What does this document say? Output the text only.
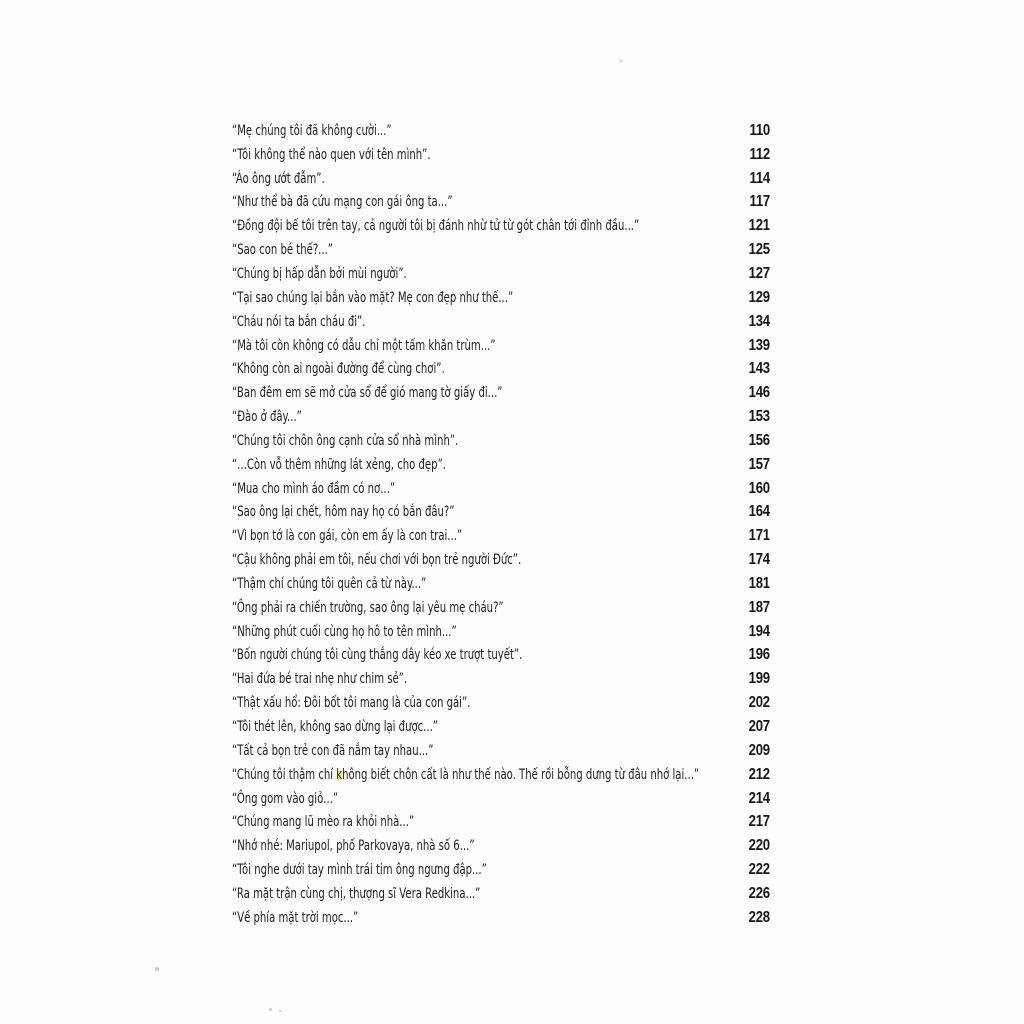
“Mẹ chúng tôi đã không cười...”	110
“Tôi không thể nào quen với tên mình”.	112
“Áo ông ướt đẫm”.	114
“Như thể bà đã cứu mạng con gái ông ta...”	117
“Đồng đội bế tôi trên tay, cả người tôi bị đánh nhừ tử từ gót chân tới đỉnh đầu...”	121
“Sao con bé thế?...”	125
“Chúng bị hấp dẫn bởi mùi người”.	127
“Tại sao chúng lại bắn vào mặt? Mẹ con đẹp như thế...”	129
“Cháu nói ta bắn cháu đi”.	134
“Mà tôi còn không có dẫu chỉ một tấm khăn trùm...”	139
“Không còn ai ngoài đường để cùng chơi”.	143
“Ban đêm em sẽ mở cửa sổ để gió mang tờ giấy đi...”	146
“Đào ở đây...”	153
“Chúng tôi chôn ông cạnh cửa sổ nhà mình”.	156
“...Còn vỗ thêm những lát xẻng, cho đẹp”.	157
“Mua cho mình áo đầm có nơ...”	160
“Sao ông lại chết, hôm nay họ có bắn đâu?”	164
“Vì bọn tớ là con gái, còn em ấy là con trai...”	171
“Cậu không phải em tôi, nếu chơi với bọn trẻ người Đức”.	174
“Thậm chí chúng tôi quên cả từ này...”	181
“Ông phải ra chiến trường, sao ông lại yêu mẹ cháu?”	187
“Những phút cuối cùng họ hô to tên mình...”	194
“Bốn người chúng tôi cùng thắng dây kéo xe trượt tuyết”.	196
“Hai đứa bé trai nhẹ như chim sẻ”.	199
“Thật xấu hổ: Đôi bốt tôi mang là của con gái”.	202
“Tôi thét lên, không sao dừng lại được...”	207
“Tất cả bọn trẻ con đã nắm tay nhau...”	209
“Chúng tôi thậm chí không biết chôn cất là như thế nào. Thế rồi bỗng dưng từ đâu nhớ lại...”	212
“Ông gom vào giỏ...”	214
“Chúng mang lũ mèo ra khỏi nhà...”	217
“Nhớ nhé: Mariupol, phố Parkovaya, nhà số 6...”	220
“Tôi nghe dưới tay mình trái tim ông ngưng đập...”	222
“Ra mặt trận cùng chị, thượng sĩ Vera Redkina...”	226
“Về phía mặt trời mọc...”	228
